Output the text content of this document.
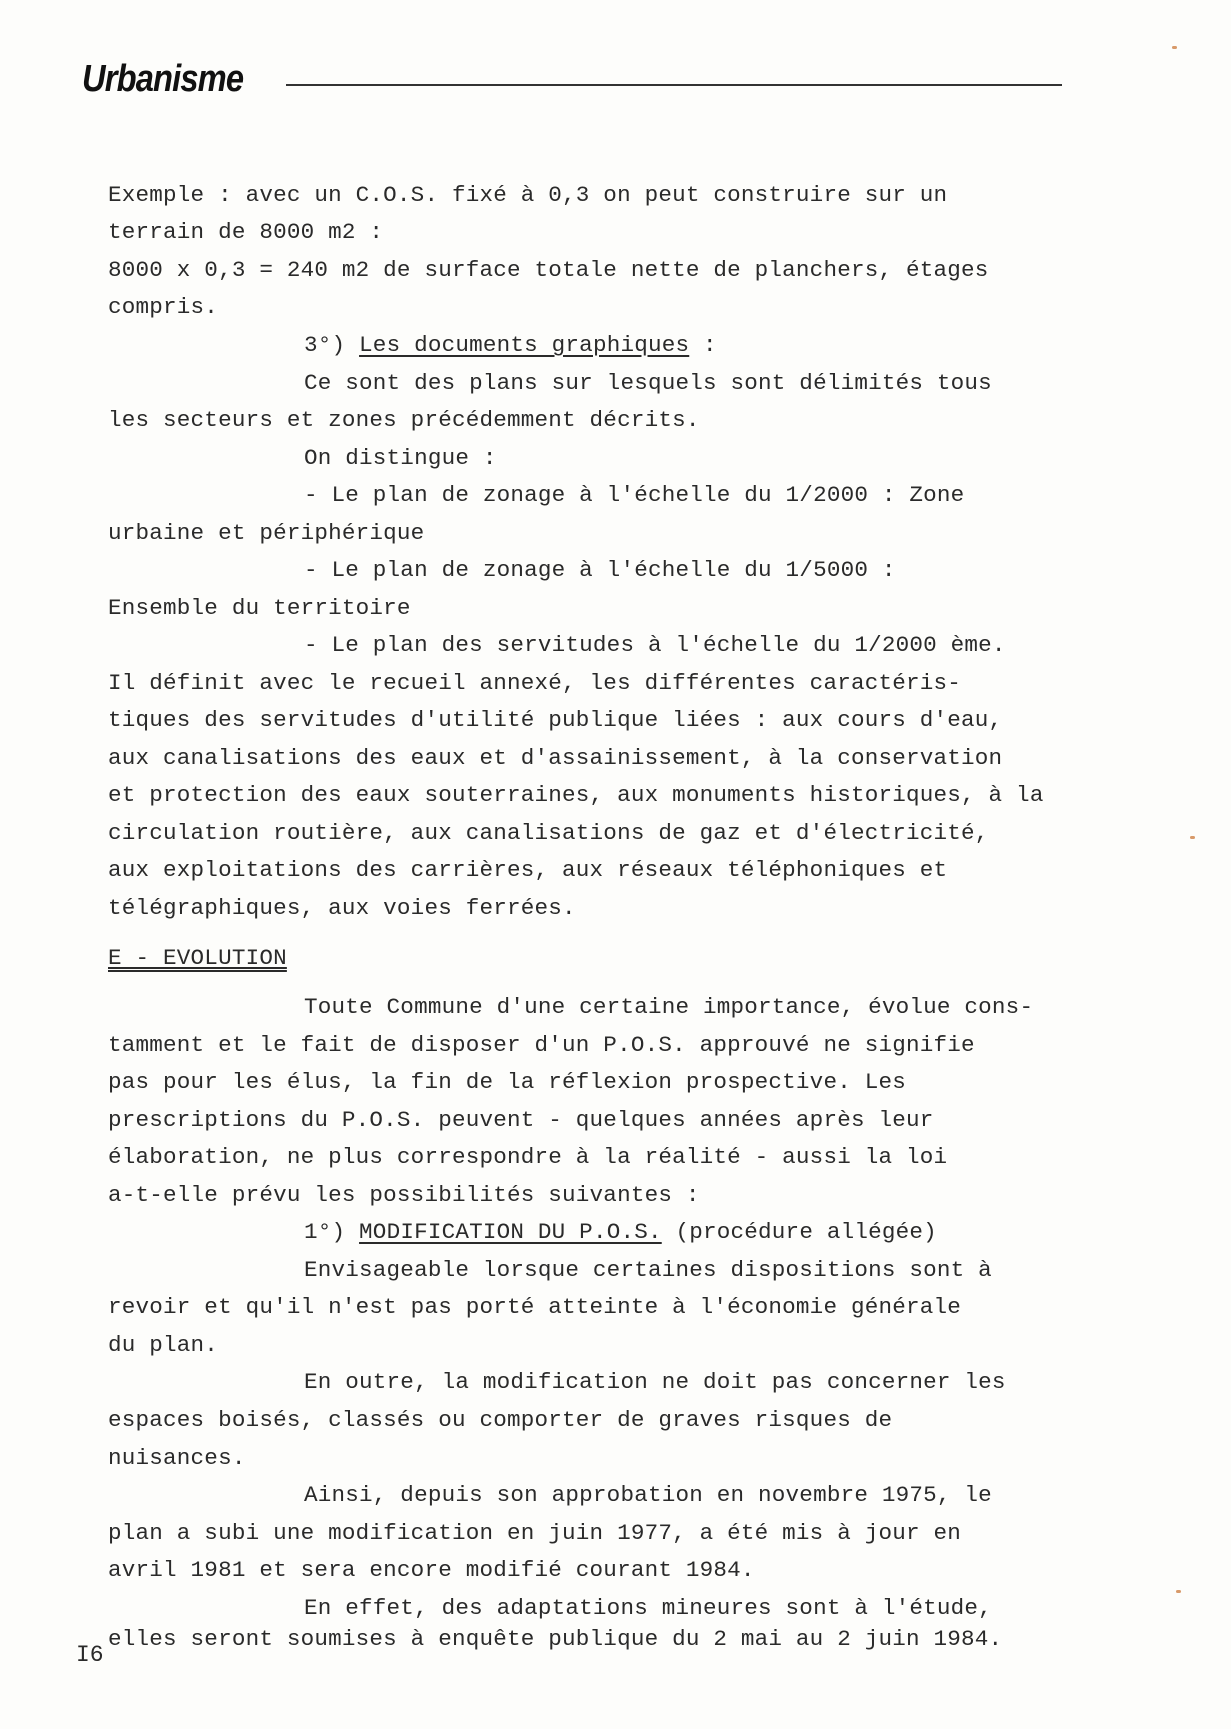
Urbanisme
Exemple : avec un C.O.S. fixé à 0,3 on peut construire sur un
terrain de 8000 m2 :
8000 x 0,3 = 240 m2 de surface totale nette de planchers, étages
compris.
3°) Les documents graphiques :
Ce sont des plans sur lesquels sont délimités tous
les secteurs et zones précédemment décrits.
On distingue :
- Le plan de zonage à l'échelle du 1/2000 : Zone
urbaine et périphérique
- Le plan de zonage à l'échelle du 1/5000 :
Ensemble du territoire
- Le plan des servitudes à l'échelle du 1/2000 ème.
Il définit avec le recueil annexé, les différentes caractéris-
tiques des servitudes d'utilité publique liées : aux cours d'eau,
aux canalisations des eaux et d'assainissement, à la conservation
et protection des eaux souterraines, aux monuments historiques, à la
circulation routière, aux canalisations de gaz et d'électricité,
aux exploitations des carrières, aux réseaux téléphoniques et
télégraphiques, aux voies ferrées.
E - EVOLUTION
Toute Commune d'une certaine importance, évolue cons-
tamment et le fait de disposer d'un P.O.S. approuvé ne signifie
pas pour les élus, la fin de la réflexion prospective. Les
prescriptions du P.O.S. peuvent - quelques années après leur
élaboration, ne plus correspondre à la réalité - aussi la loi
a-t-elle prévu les possibilités suivantes :
1°) MODIFICATION DU P.O.S. (procédure allégée)
Envisageable lorsque certaines dispositions sont à
revoir et qu'il n'est pas porté atteinte à l'économie générale
du plan.
En outre, la modification ne doit pas concerner les
espaces boisés, classés ou comporter de graves risques de
nuisances.
Ainsi, depuis son approbation en novembre 1975, le
plan a subi une modification en juin 1977, a été mis à jour en
avril 1981 et sera encore modifié courant 1984.
En effet, des adaptations mineures sont à l'étude,
elles seront soumises à enquête publique du 2 mai au 2 juin 1984.
I6
